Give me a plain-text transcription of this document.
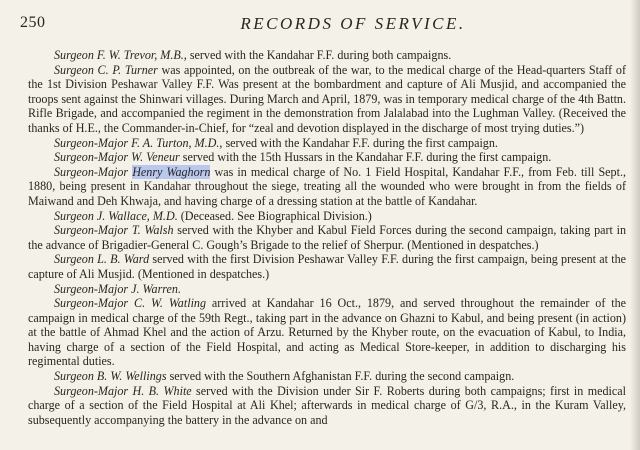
250	RECORDS OF SERVICE.

Surgeon F. W. Trevor, M.B., served with the Kandahar F.F. during both campaigns.

Surgeon C. P. Turner was appointed, on the outbreak of the war, to the medical charge of the Head-quarters Staff of the 1st Division Peshawar Valley F.F. Was present at the bombardment and capture of Ali Musjid, and accompanied the troops sent against the Shinwari villages. During March and April, 1879, was in temporary medical charge of the 4th Battn. Rifle Brigade, and accompanied the regiment in the demonstration from Jalalabad into the Lughman Valley. (Received the thanks of H.E., the Commander-in-Chief, for “zeal and devotion displayed in the discharge of most trying duties.”)

Surgeon-Major F. A. Turton, M.D., served with the Kandahar F.F. during the first campaign.

Surgeon-Major W. Veneur served with the 15th Hussars in the Kandahar F.F. during the first campaign.

Surgeon-Major Henry Waghorn was in medical charge of No. 1 Field Hospital, Kandahar F.F., from Feb. till Sept., 1880, being present in Kandahar throughout the siege, treating all the wounded who were brought in from the fields of Maiwand and Deh Khwaja, and having charge of a dressing station at the battle of Kandahar.

Surgeon J. Wallace, M.D. (Deceased. See Biographical Division.)

Surgeon-Major T. Walsh served with the Khyber and Kabul Field Forces during the second campaign, taking part in the advance of Brigadier-General C. Gough’s Brigade to the relief of Sherpur. (Mentioned in despatches.)

Surgeon L. B. Ward served with the first Division Peshawar Valley F.F. during the first campaign, being present at the capture of Ali Musjid. (Mentioned in despatches.)

Surgeon-Major J. Warren.

Surgeon-Major C. W. Watling arrived at Kandahar 16 Oct., 1879, and served throughout the remainder of the campaign in medical charge of the 59th Regt., taking part in the advance on Ghazni to Kabul, and being present (in action) at the battle of Ahmad Khel and the action of Arzu. Returned by the Khyber route, on the evacuation of Kabul, to India, having charge of a section of the Field Hospital, and acting as Medical Store-keeper, in addition to discharging his regimental duties.

Surgeon B. W. Wellings served with the Southern Afghanistan F.F. during the second campaign.

Surgeon-Major H. B. White served with the Division under Sir F. Roberts during both campaigns; first in medical charge of a section of the Field Hospital at Ali Khel; afterwards in medical charge of G/3, R.A., in the Kuram Valley, subsequently accompanying the battery in the advance on and
